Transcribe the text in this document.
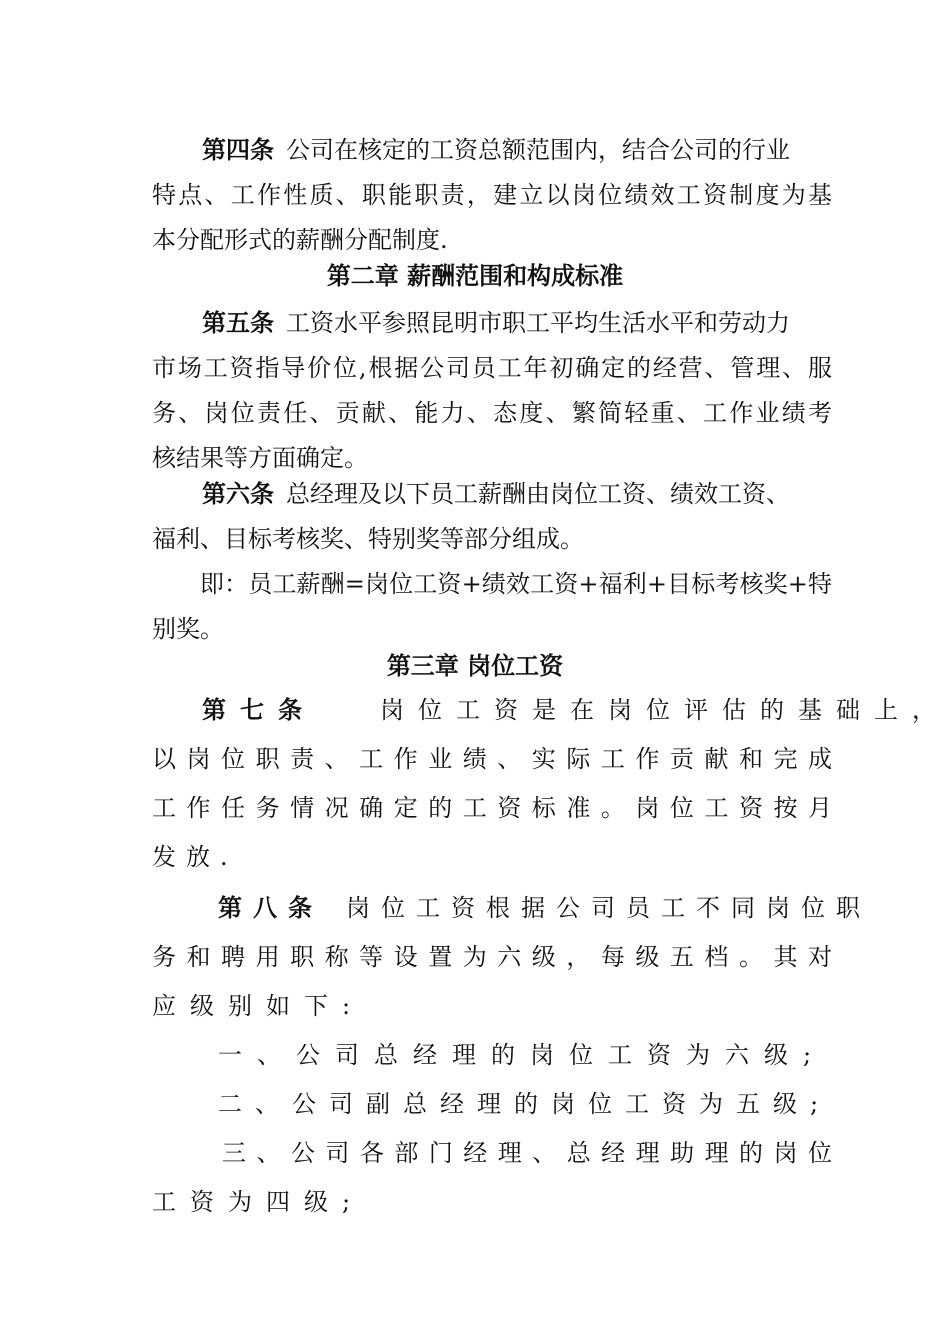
第四条  公司在核定的工资总额范围内，结合公司的行业
特点、工作性质、职能职责，建立以岗位绩效工资制度为基
本分配形式的薪酬分配制度.
第二章 薪酬范围和构成标准
第五条  工资水平参照昆明市职工平均生活水平和劳动力
市场工资指导价位,根据公司员工年初确定的经营、管理、服
务、岗位责任、贡献、能力、态度、繁简轻重、工作业绩考
核结果等方面确定。
第六条  总经理及以下员工薪酬由岗位工资、绩效工资、
福利、目标考核奖、特别奖等部分组成。
即：员工薪酬=岗位工资+绩效工资+福利+目标考核奖+特
别奖。
第三章 岗位工资
第七条  	岗位工资是在岗位评估的基础上，
以岗位职责、工作业绩、实际工作贡献和完成
工作任务情况确定的工资标准。岗位工资按月
发放.
第八条  岗位工资根据公司员工不同岗位职
务和聘用职称等设置为六级，每级五档。其对
应级别如下:
一、公司总经理的岗位工资为六级;
二、公司副总经理的岗位工资为五级;
三、公司各部门经理、总经理助理的岗位
工资为四级;
